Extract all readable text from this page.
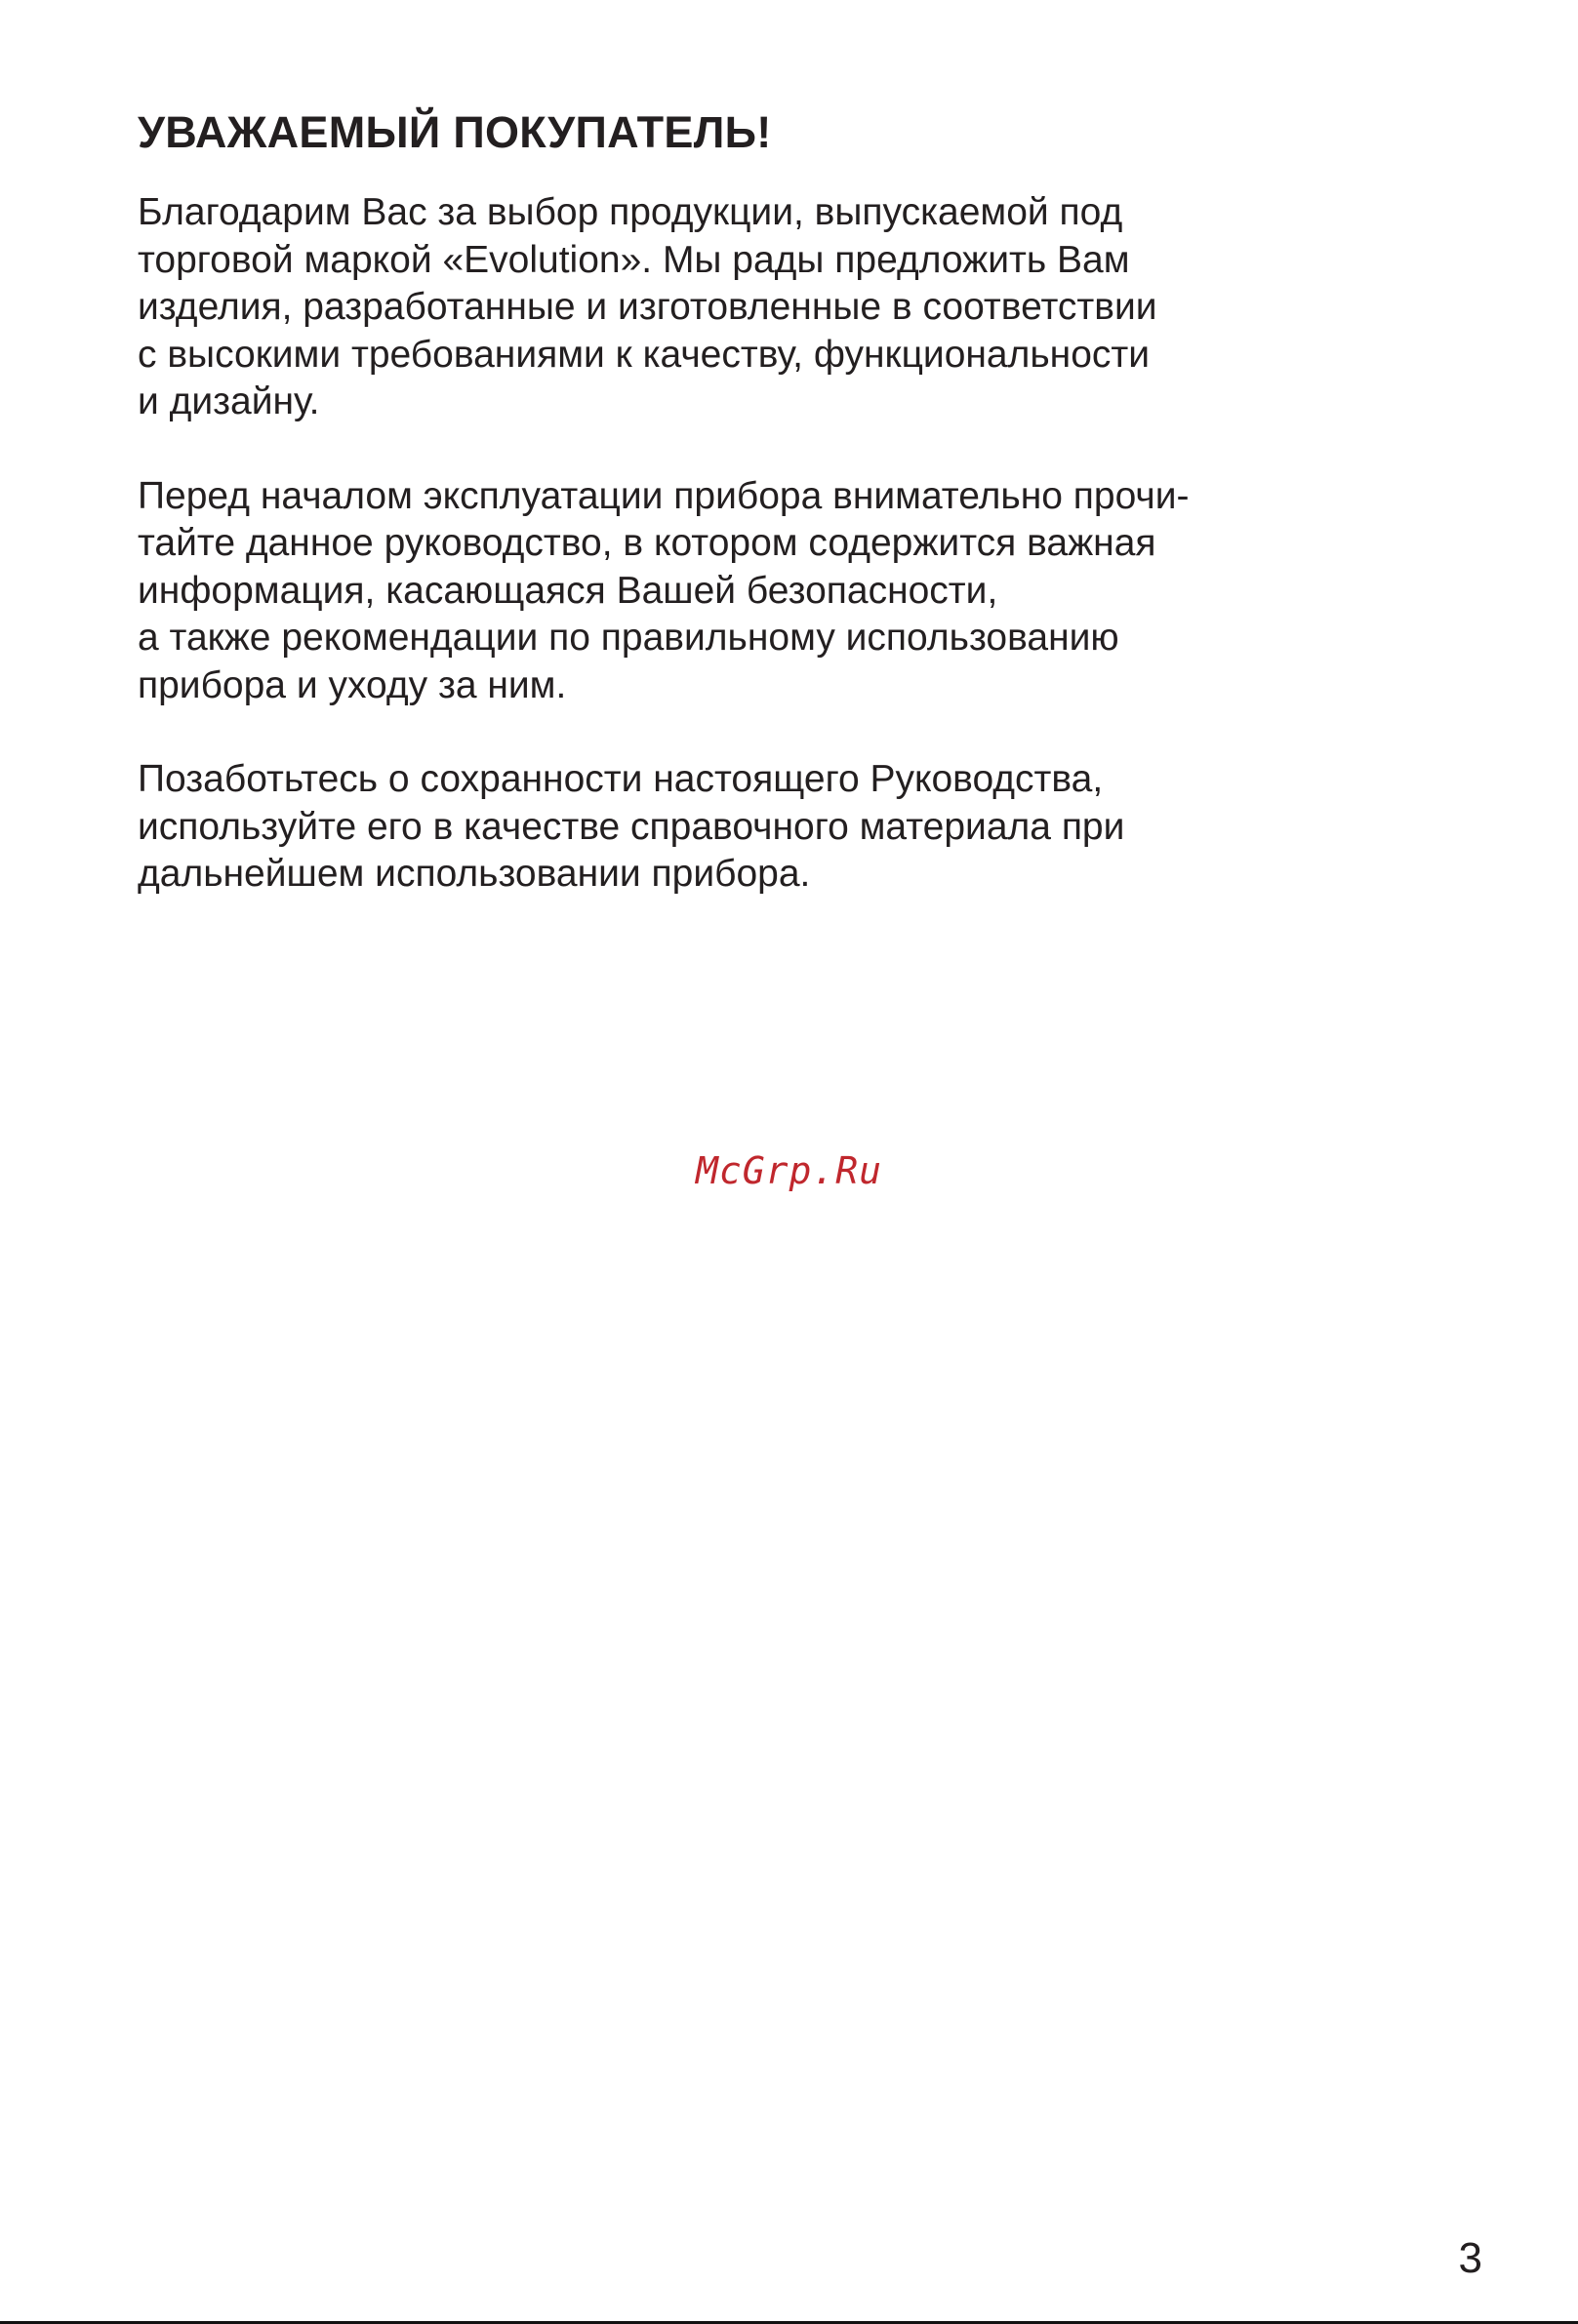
УВАЖАЕМЫЙ ПОКУПАТЕЛЬ!

Благодарим Вас за выбор продукции, выпускаемой под
торговой маркой «Evolution». Мы рады предложить Вам
изделия, разработанные и изготовленные в соответствии
с высокими требованиями к качеству, функциональности
и дизайну.

Перед началом эксплуатации прибора внимательно прочи-
тайте данное руководство, в котором содержится важная
информация, касающаяся Вашей безопасности,
а также рекомендации по правильному использованию
прибора и уходу за ним.

Позаботьтесь о сохранности настоящего Руководства,
используйте его в качестве справочного материала при
дальнейшем использовании прибора.

McGrp.Ru
3
